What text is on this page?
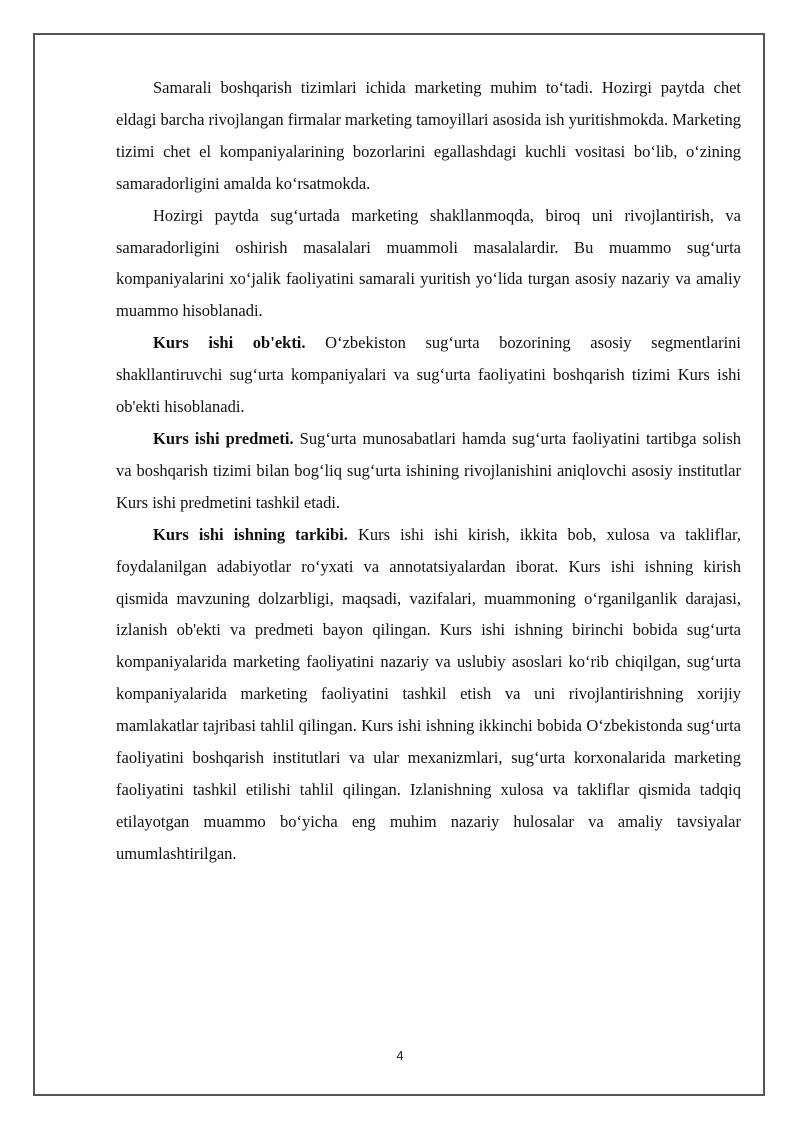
Samarali boshqarish tizimlari ichida marketing muhim to‘tadi. Hozirgi paytda chet eldagi barcha rivojlangan firmalar marketing tamoyillari asosida ish yuritishmokda. Marketing tizimi chet el kompaniyalarining bozorlarini egallashdagi kuchli vositasi bo‘lib, o‘zining samaradorligini amalda ko‘rsatmokda.

Hozirgi paytda sug‘urtada marketing shakllanmoqda, biroq uni rivojlantirish, va samaradorligini oshirish masalalari muammoli masalalardir. Bu muammo sug‘urta kompaniyalarini xo‘jalik faoliyatini samarali yuritish yo‘lida turgan asosiy nazariy va amaliy muammo hisoblanadi.

Kurs ishi ob'ekti. O‘zbekiston sug‘urta bozorining asosiy segmentlarini shakllantiruvchi sug‘urta kompaniyalari va sug‘urta faoliyatini boshqarish tizimi Kurs ishi ob'ekti hisoblanadi.

Kurs ishi predmeti. Sug‘urta munosabatlari hamda sug‘urta faoliyatini tartibga solish va boshqarish tizimi bilan bog‘liq sug‘urta ishining rivojlanishini aniqlovchi asosiy institutlar Kurs ishi predmetini tashkil etadi.

Kurs ishi ishning tarkibi. Kurs ishi ishi kirish, ikkita bob, xulosa va takliflar, foydalanilgan adabiyotlar ro‘yxati va annotatsiyalardan iborat. Kurs ishi ishning kirish qismida mavzuning dolzarbligi, maqsadi, vazifalari, muammoning o‘rganilganlik darajasi, izlanish ob'ekti va predmeti bayon qilingan. Kurs ishi ishning birinchi bobida sug‘urta kompaniyalarida marketing faoliyatini nazariy va uslubiy asoslari ko‘rib chiqilgan, sug‘urta kompaniyalarida marketing faoliyatini tashkil etish va uni rivojlantirishning xorijiy mamlakatlar tajribasi tahlil qilingan. Kurs ishi ishning ikkinchi bobida O‘zbekistonda sug‘urta faoliyatini boshqarish institutlari va ular mexanizmlari, sug‘urta korxonalarida marketing faoliyatini tashkil etilishi tahlil qilingan. Izlanishning xulosa va takliflar qismida tadqiq etilayotgan muammo bo‘yicha eng muhim nazariy hulosalar va amaliy tavsiyalar umumlashtirilgan.

4
